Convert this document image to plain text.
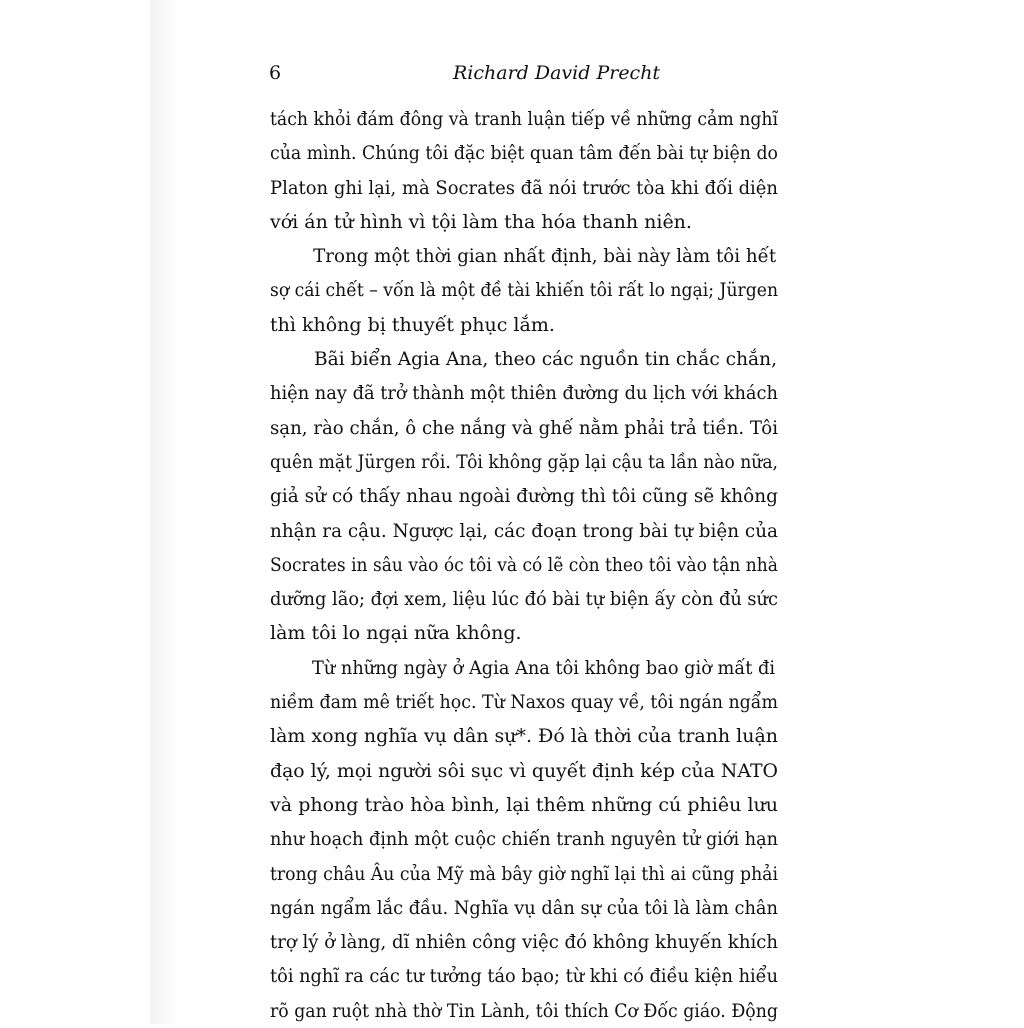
6	Richard David Precht

tách khỏi đám đông và tranh luận tiếp về những cảm nghĩ
của mình. Chúng tôi đặc biệt quan tâm đến bài tự biện do
Platon ghi lại, mà Socrates đã nói trước tòa khi đối diện
với án tử hình vì tội làm tha hóa thanh niên.

Trong một thời gian nhất định, bài này làm tôi hết
sợ cái chết – vốn là một đề tài khiến tôi rất lo ngại; Jürgen
thì không bị thuyết phục lắm.

Bãi biển Agia Ana, theo các nguồn tin chắc chắn,
hiện nay đã trở thành một thiên đường du lịch với khách
sạn, rào chắn, ô che nắng và ghế nằm phải trả tiền. Tôi
quên mặt Jürgen rồi. Tôi không gặp lại cậu ta lần nào nữa,
giả sử có thấy nhau ngoài đường thì tôi cũng sẽ không
nhận ra cậu. Ngược lại, các đoạn trong bài tự biện của
Socrates in sâu vào óc tôi và có lẽ còn theo tôi vào tận nhà
dưỡng lão; đợi xem, liệu lúc đó bài tự biện ấy còn đủ sức
làm tôi lo ngại nữa không.

Từ những ngày ở Agia Ana tôi không bao giờ mất đi
niềm đam mê triết học. Từ Naxos quay về, tôi ngán ngẩm
làm xong nghĩa vụ dân sự*. Đó là thời của tranh luận
đạo lý, mọi người sôi sục vì quyết định kép của NATO
và phong trào hòa bình, lại thêm những cú phiêu lưu
như hoạch định một cuộc chiến tranh nguyên tử giới hạn
trong châu Âu của Mỹ mà bây giờ nghĩ lại thì ai cũng phải
ngán ngẩm lắc đầu. Nghĩa vụ dân sự của tôi là làm chân
trợ lý ở làng, dĩ nhiên công việc đó không khuyến khích
tôi nghĩ ra các tư tưởng táo bạo; từ khi có điều kiện hiểu
rõ gan ruột nhà thờ Tin Lành, tôi thích Cơ Đốc giáo. Động
